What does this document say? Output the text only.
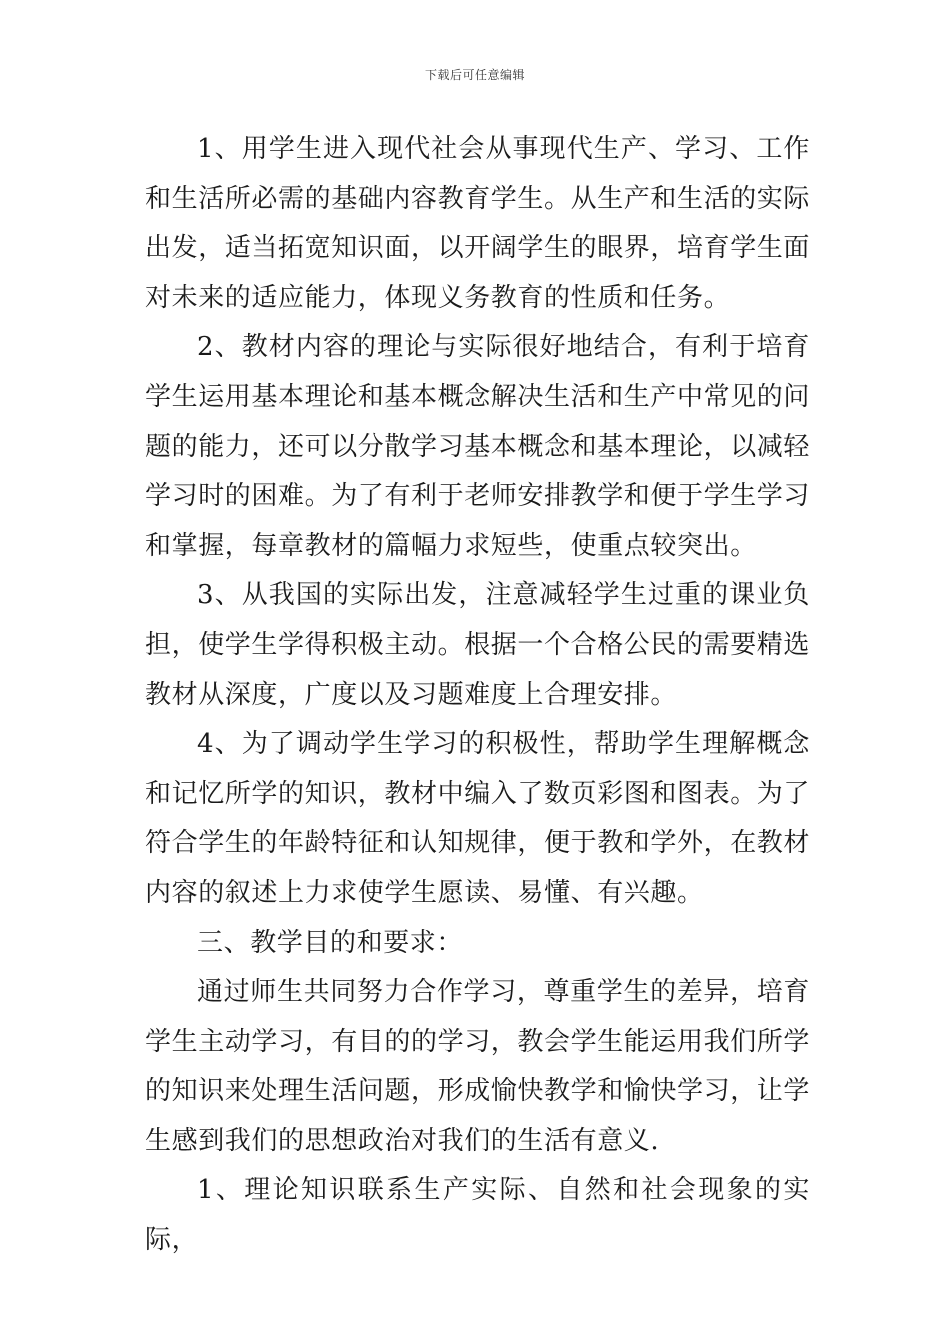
下载后可任意编辑

1、用学生进入现代社会从事现代生产、学习、工作和生活所必需的基础内容教育学生。从生产和生活的实际出发，适当拓宽知识面，以开阔学生的眼界，培育学生面对未来的适应能力，体现义务教育的性质和任务。

2、教材内容的理论与实际很好地结合，有利于培育学生运用基本理论和基本概念解决生活和生产中常见的问题的能力，还可以分散学习基本概念和基本理论，以减轻学习时的困难。为了有利于老师安排教学和便于学生学习和掌握，每章教材的篇幅力求短些，使重点较突出。

3、从我国的实际出发，注意减轻学生过重的课业负担，使学生学得积极主动。根据一个合格公民的需要精选教材从深度，广度以及习题难度上合理安排。

4、为了调动学生学习的积极性，帮助学生理解概念和记忆所学的知识，教材中编入了数页彩图和图表。为了符合学生的年龄特征和认知规律，便于教和学外，在教材内容的叙述上力求使学生愿读、易懂、有兴趣。

三、教学目的和要求：

通过师生共同努力合作学习，尊重学生的差异，培育学生主动学习，有目的的学习，教会学生能运用我们所学的知识来处理生活问题，形成愉快教学和愉快学习，让学生感到我们的思想政治对我们的生活有意义.

1、理论知识联系生产实际、自然和社会现象的实际，
